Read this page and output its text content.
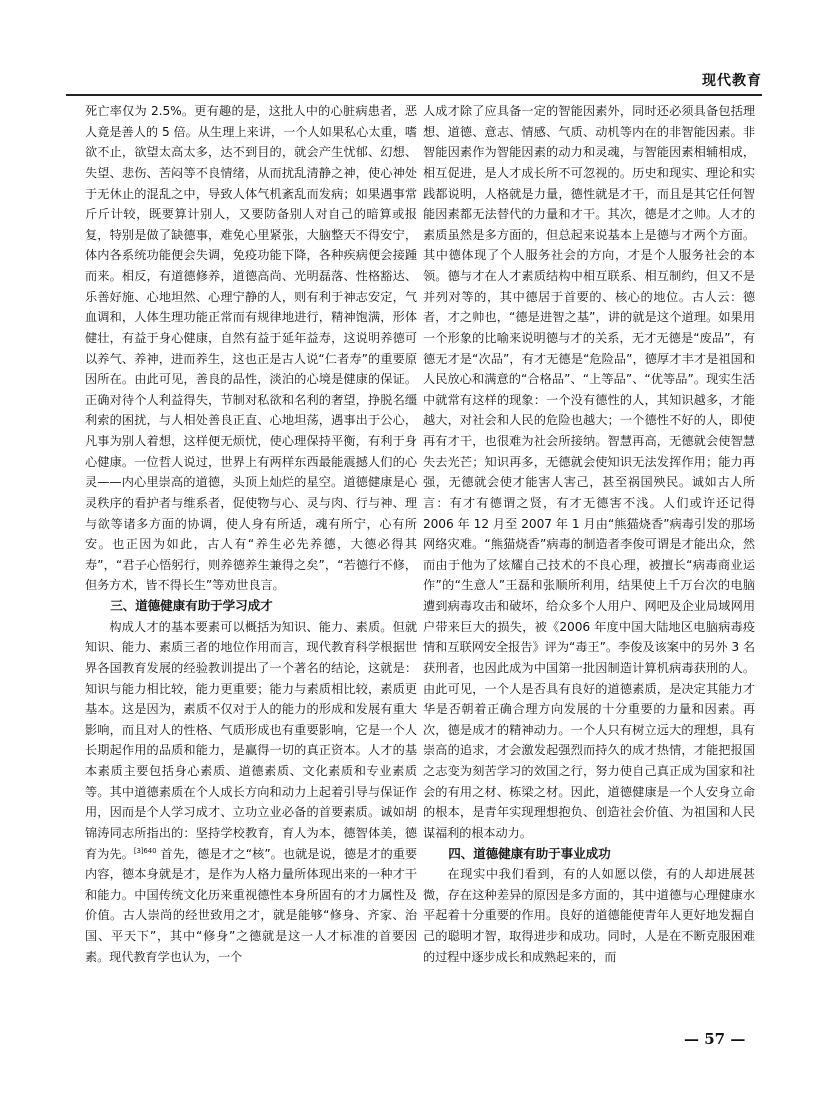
现代教育

死亡率仅为 2.5%。更有趣的是，这批人中的心脏病患者，恶人竟是善人的 5 倍。从生理上来讲，一个人如果私心太重，嗜欲不止，欲望太高太多，达不到目的，就会产生忧郁、幻想、失望、悲伤、苦闷等不良情绪，从而扰乱清静之神，使心神处于无休止的混乱之中，导致人体气机紊乱而发病；如果遇事常斤斤计较，既要算计别人，又要防备别人对自己的暗算或报复，特别是做了缺德事，难免心里紧张，大脑整天不得安宁，体内各系统功能便会失调，免疫功能下降，各种疾病便会接踵而来。相反，有道德修养，道德高尚、光明磊落、性格豁达、乐善好施、心地坦然、心理宁静的人，则有利于神志安定，气血调和，人体生理功能正常而有规律地进行，精神饱满，形体健壮，有益于身心健康，自然有益于延年益寿，这说明养德可以养气、养神，进而养生，这也正是古人说“仁者寿”的重要原因所在。由此可见，善良的品性，淡泊的心境是健康的保证。正确对待个人利益得失，节制对私欲和名利的奢望，挣脱名缰利索的困扰，与人相处善良正直、心地坦荡，遇事出于公心，凡事为别人着想，这样便无烦忧，使心理保持平衡，有利于身心健康。一位哲人说过，世界上有两样东西最能震撼人们的心灵——内心里崇高的道德，头顶上灿烂的星空。道德健康是心灵秩序的看护者与维系者，促使物与心、灵与肉、行与神、理与欲等诸多方面的协调，使人身有所适，魂有所宁，心有所安。也正因为如此，古人有“养生必先养德，大德必得其寿”，“君子心悟躬行，则养德养生兼得之矣”，“若德行不修，但务方术，皆不得长生”等劝世良言。

三、道德健康有助于学习成才

构成人才的基本要素可以概括为知识、能力、素质。但就知识、能力、素质三者的地位作用而言，现代教育科学根据世界各国教育发展的经验教训提出了一个著名的结论，这就是：知识与能力相比较，能力更重要；能力与素质相比较，素质更基本。这是因为，素质不仅对于人的能力的形成和发展有重大影响，而且对人的性格、气质形成也有重要影响，它是一个人长期起作用的品质和能力，是赢得一切的真正资本。人才的基本素质主要包括身心素质、道德素质、文化素质和专业素质等。其中道德素质在个人成长方向和动力上起着引导与保证作用，因而是个人学习成才、立功立业必备的首要素质。诚如胡锦涛同志所指出的：坚持学校教育，育人为本，德智体美，德育为先。$^{[3]640}$ 首先，德是才之“核”。也就是说，德是才的重要内容，德本身就是才，是作为人格力量所体现出来的一种才干和能力。中国传统文化历来重视德性本身所固有的才力属性及价值。古人崇尚的经世致用之才，就是能够“修身、齐家、治国、平天下”，其中“修身”之德就是这一人才标准的首要因素。现代教育学也认为，一个

人成才除了应具备一定的智能因素外，同时还必须具备包括理想、道德、意志、情感、气质、动机等内在的非智能因素。非智能因素作为智能因素的动力和灵魂，与智能因素相辅相成，相互促进，是人才成长所不可忽视的。历史和现实、理论和实践都说明，人格就是力量，德性就是才干，而且是其它任何智能因素都无法替代的力量和才干。其次，德是才之帅。人才的素质虽然是多方面的，但总起来说基本上是德与才两个方面。其中德体现了个人服务社会的方向，才是个人服务社会的本领。德与才在人才素质结构中相互联系、相互制约，但又不是并列对等的，其中德居于首要的、核心的地位。古人云：德者，才之帅也，“德是进智之基”，讲的就是这个道理。如果用一个形象的比喻来说明德与才的关系，无才无德是“废品”，有德无才是“次品”，有才无德是“危险品”，德厚才丰才是祖国和人民放心和满意的“合格品”、“上等品”、“优等品”。现实生活中就常有这样的现象：一个没有德性的人，其知识越多，才能越大，对社会和人民的危险也越大；一个德性不好的人，即使再有才干，也很难为社会所接纳。智慧再高，无德就会使智慧失去光芒；知识再多，无德就会使知识无法发挥作用；能力再强，无德就会使才能害人害己，甚至祸国殃民。诚如古人所言：有才有德谓之贤，有才无德害不浅。人们或许还记得 2006 年 12 月至 2007 年 1 月由“熊猫烧香”病毒引发的那场网络灾难。“熊猫烧香”病毒的制造者李俊可谓是才能出众，然而由于他为了炫耀自己技术的不良心理，被擅长“病毒商业运作”的“生意人”王磊和张顺所利用，结果使上千万台次的电脑遭到病毒攻击和破坏，给众多个人用户、网吧及企业局域网用户带来巨大的损失，被《2006 年度中国大陆地区电脑病毒疫情和互联网安全报告》评为“毒王”。李俊及该案中的另外 3 名获刑者，也因此成为中国第一批因制造计算机病毒获刑的人。由此可见，一个人是否具有良好的道德素质，是决定其能力才华是否朝着正确合理方向发展的十分重要的力量和因素。再次，德是成才的精神动力。一个人只有树立远大的理想，具有崇高的追求，才会激发起强烈而持久的成才热情，才能把报国之志变为刻苦学习的效国之行，努力使自己真正成为国家和社会的有用之材、栋梁之材。因此，道德健康是一个人安身立命的根本，是青年实现理想抱负、创造社会价值、为祖国和人民谋福利的根本动力。

四、道德健康有助于事业成功

在现实中我们看到，有的人如愿以偿，有的人却进展甚微，存在这种差异的原因是多方面的，其中道德与心理健康水平起着十分重要的作用。良好的道德能使青年人更好地发掘自己的聪明才智，取得进步和成功。同时，人是在不断克服困难的过程中逐步成长和成熟起来的，而

— 57 —
